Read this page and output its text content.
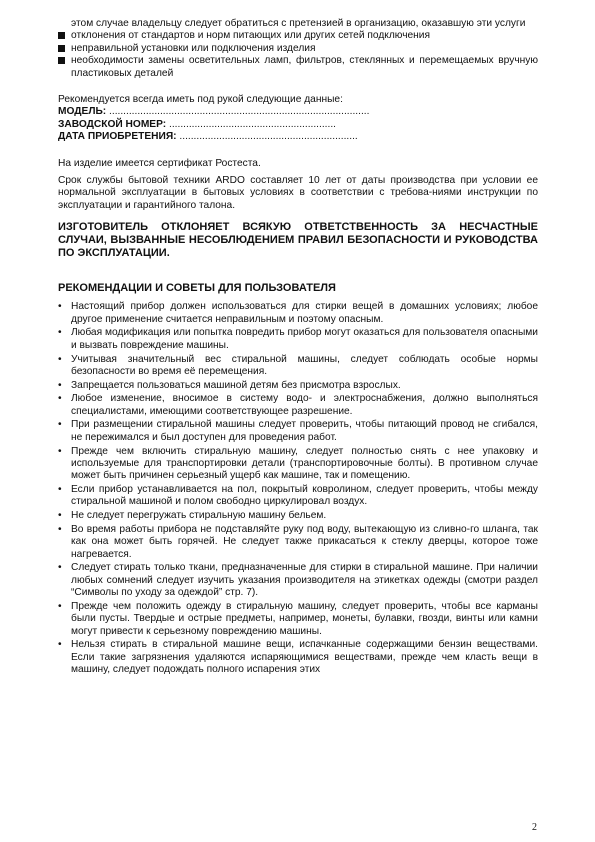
этом случае владельцу следует обратиться с претензией в организацию, оказавшую эти услуги

отклонения от стандартов и норм питающих или других сетей подключения
неправильной установки или подключения изделия
необходимости замены осветительных ламп, фильтров, стеклянных и перемещаемых вручную пластиковых деталей

Рекомендуется всегда иметь под рукой следующие данные:

МОДЕЛЬ: ............................................................................................

ЗАВОДСКОЙ НОМЕР: ...........................................................

ДАТА ПРИОБРЕТЕНИЯ: ...............................................................

На изделие имеется сертификат Ростеста.

Срок службы бытовой техники ARDO составляет 10 лет от даты производства при условии ее нормальной эксплуатации в бытовых условиях в соответствии с требова-ниями инструкции по эксплуатации и гарантийного талона.

ИЗГОТОВИТЕЛЬ ОТКЛОНЯЕТ ВСЯКУЮ ОТВЕТСТВЕННОСТЬ ЗА НЕСЧАСТНЫЕ СЛУЧАИ, ВЫЗВАННЫЕ НЕСОБЛЮДЕНИЕМ ПРАВИЛ БЕЗОПАСНОСТИ И РУКОВОДСТВА ПО ЭКСПЛУАТАЦИИ.

РЕКОМЕНДАЦИИ И СОВЕТЫ ДЛЯ ПОЛЬЗОВАТЕЛЯ
• Настоящий прибор должен использоваться для стирки вещей в домашних условиях; любое другое применение считается неправильным и поэтому опасным.
• Любая модификация или попытка повредить прибор могут оказаться для пользователя опасными и вызвать повреждение машины.
• Учитывая значительный вес стиральной машины, следует соблюдать особые нормы безопасности во время её перемещения.
• Запрещается пользоваться машиной детям без присмотра взрослых.
• Любое изменение, вносимое в систему водо- и электроснабжения, должно выполняться специалистами, имеющими соответствующее разрешение.
• При размещении стиральной машины следует проверить, чтобы питающий провод не сгибался, не пережимался и был доступен для проведения работ.
• Прежде чем включить стиральную машину, следует полностью снять с нее упаковку и используемые для транспортировки детали (транспортировочные болты). В противном случае может быть причинен серьезный ущерб как машине, так и помещению.
• Если прибор устанавливается на пол, покрытый ковролином, следует проверить, чтобы между стиральной машиной и полом свободно циркулировал воздух.
• Не следует перегружать стиральную машину бельем.
• Во время работы прибора не подставляйте руку под воду, вытекающую из сливно-го шланга, так как она может быть горячей. Не следует также прикасаться к стеклу дверцы, которое тоже нагревается.
• Следует стирать только ткани, предназначенные для стирки в стиральной машине. При наличии любых сомнений следует изучить указания производителя на этикетках одежды (смотри раздел “Символы по уходу за одеждой” стр. 7).
• Прежде чем положить одежду в стиральную машину, следует проверить, чтобы все карманы были пусты. Твердые и острые предметы, например, монеты, булавки, гвозди, винты или камни могут привести к серьезному повреждению машины.
• Нельзя стирать в стиральной машине вещи, испачканные содержащими бензин веществами. Если такие загрязнения удаляются испаряющимися веществами, прежде чем класть вещи в машину, следует подождать полного испарения этих
2
